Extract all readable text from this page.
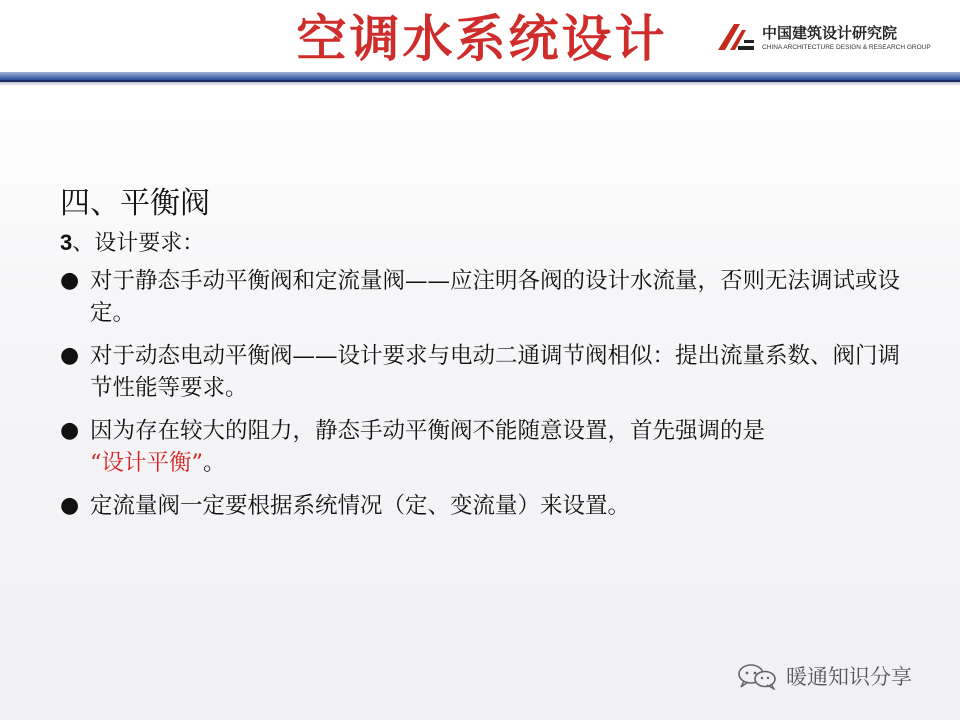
空调水系统设计	中国建筑设计研究院
CHINA ARCHITECTURE DESIGN & RESEARCH GROUP
四、平衡阀
3、设计要求：
● 对于静态手动平衡阀和定流量阀——应注明各阀的设计水流量，否则无法调试或设定。
● 对于动态电动平衡阀——设计要求与电动二通调节阀相似：提出流量系数、阀门调节性能等要求。
● 因为存在较大的阻力，静态手动平衡阀不能随意设置，首先强调的是
“设计平衡”。
● 定流量阀一定要根据系统情况（定、变流量）来设置。
暖通知识分享
